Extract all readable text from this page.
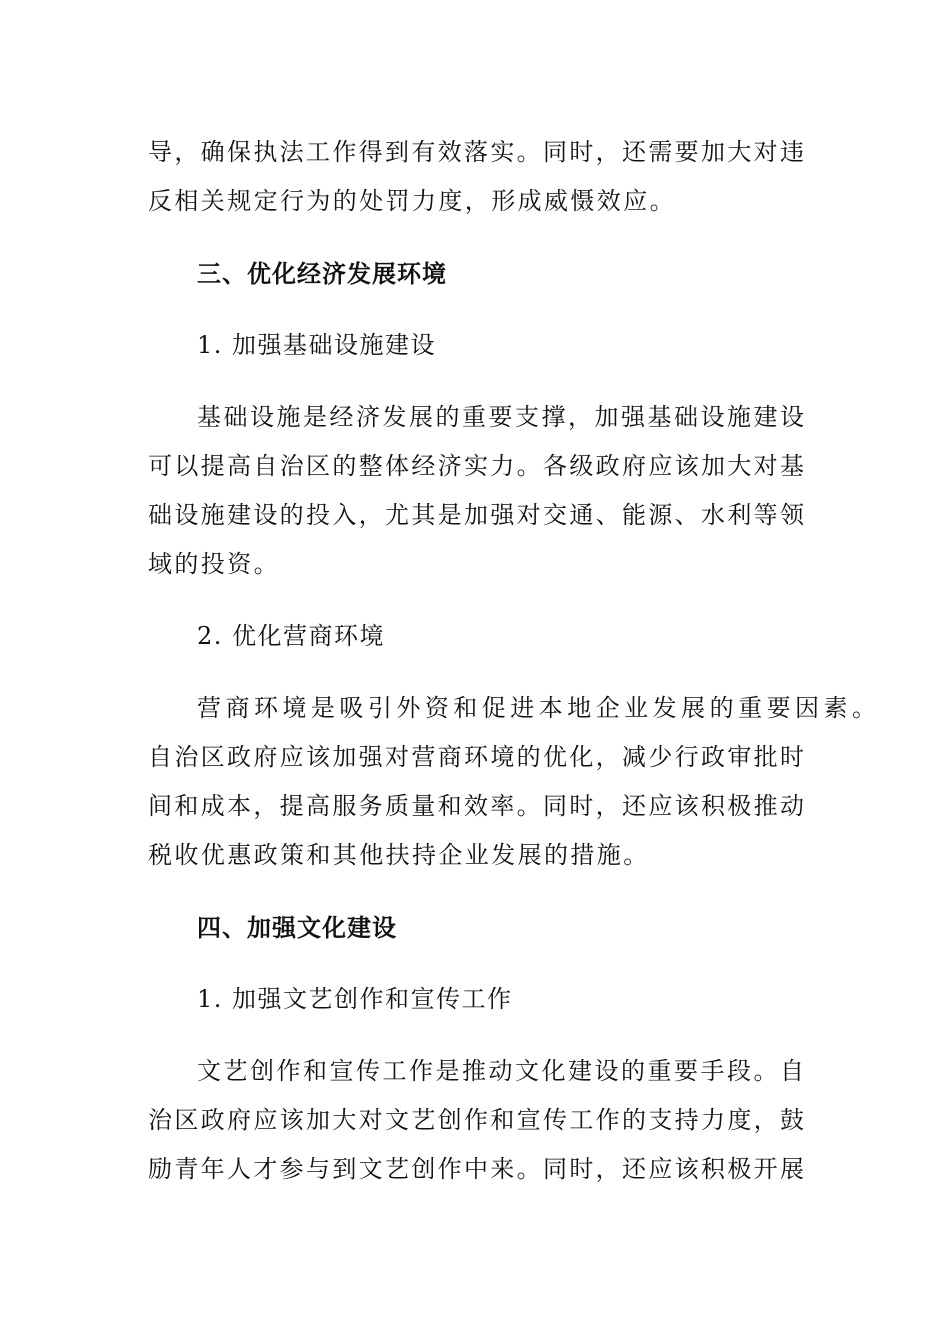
导，确保执法工作得到有效落实。同时，还需要加大对违
反相关规定行为的处罚力度，形成威慑效应。
三、优化经济发展环境
1. 加强基础设施建设
基础设施是经济发展的重要支撑，加强基础设施建设
可以提高自治区的整体经济实力。各级政府应该加大对基
础设施建设的投入，尤其是加强对交通、能源、水利等领
域的投资。
2. 优化营商环境
营商环境是吸引外资和促进本地企业发展的重要因素。
自治区政府应该加强对营商环境的优化，减少行政审批时
间和成本，提高服务质量和效率。同时，还应该积极推动
税收优惠政策和其他扶持企业发展的措施。
四、加强文化建设
1. 加强文艺创作和宣传工作
文艺创作和宣传工作是推动文化建设的重要手段。自
治区政府应该加大对文艺创作和宣传工作的支持力度，鼓
励青年人才参与到文艺创作中来。同时，还应该积极开展
